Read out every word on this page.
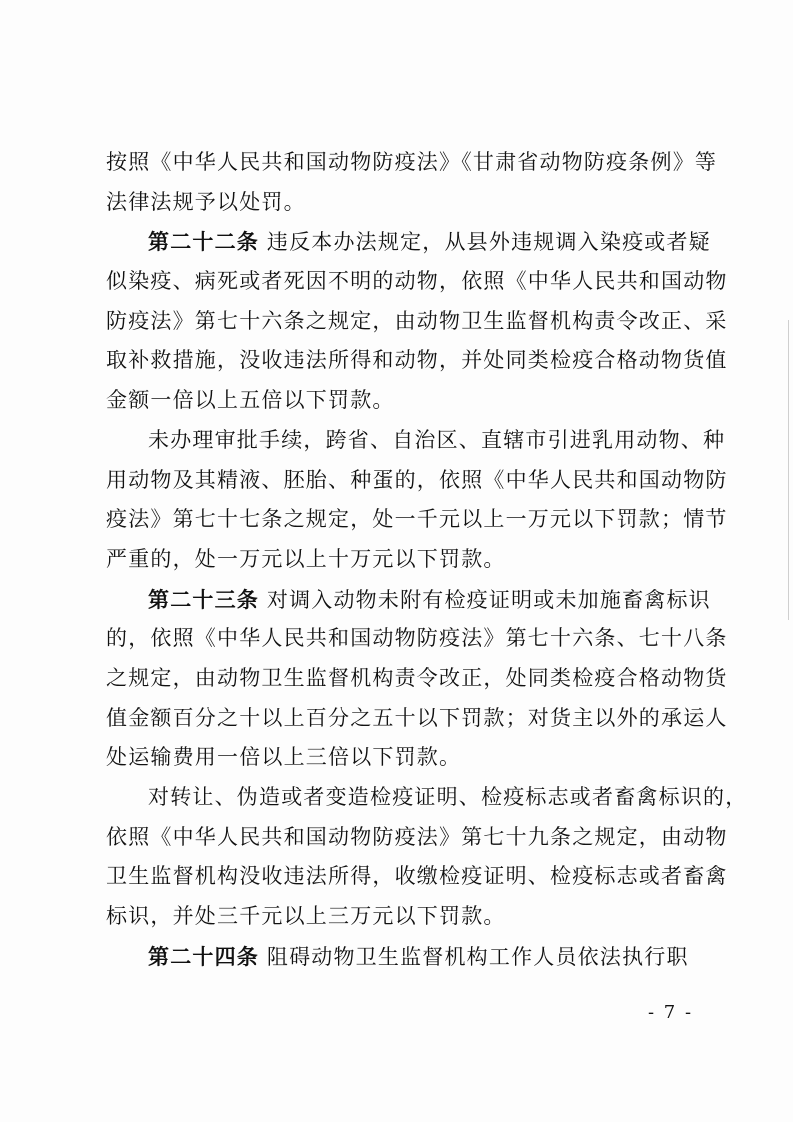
按照《中华人民共和国动物防疫法》《甘肃省动物防疫条例》等
法律法规予以处罚。
第二十二条 违反本办法规定，从县外违规调入染疫或者疑
似染疫、病死或者死因不明的动物，依照《中华人民共和国动物
防疫法》第七十六条之规定，由动物卫生监督机构责令改正、采
取补救措施，没收违法所得和动物，并处同类检疫合格动物货值
金额一倍以上五倍以下罚款。
未办理审批手续，跨省、自治区、直辖市引进乳用动物、种
用动物及其精液、胚胎、种蛋的，依照《中华人民共和国动物防
疫法》第七十七条之规定，处一千元以上一万元以下罚款；情节
严重的，处一万元以上十万元以下罚款。
第二十三条 对调入动物未附有检疫证明或未加施畜禽标识
的，依照《中华人民共和国动物防疫法》第七十六条、七十八条
之规定，由动物卫生监督机构责令改正，处同类检疫合格动物货
值金额百分之十以上百分之五十以下罚款；对货主以外的承运人
处运输费用一倍以上三倍以下罚款。
对转让、伪造或者变造检疫证明、检疫标志或者畜禽标识的，
依照《中华人民共和国动物防疫法》第七十九条之规定，由动物
卫生监督机构没收违法所得，收缴检疫证明、检疫标志或者畜禽
标识，并处三千元以上三万元以下罚款。
第二十四条 阻碍动物卫生监督机构工作人员依法执行职
- 7 -
